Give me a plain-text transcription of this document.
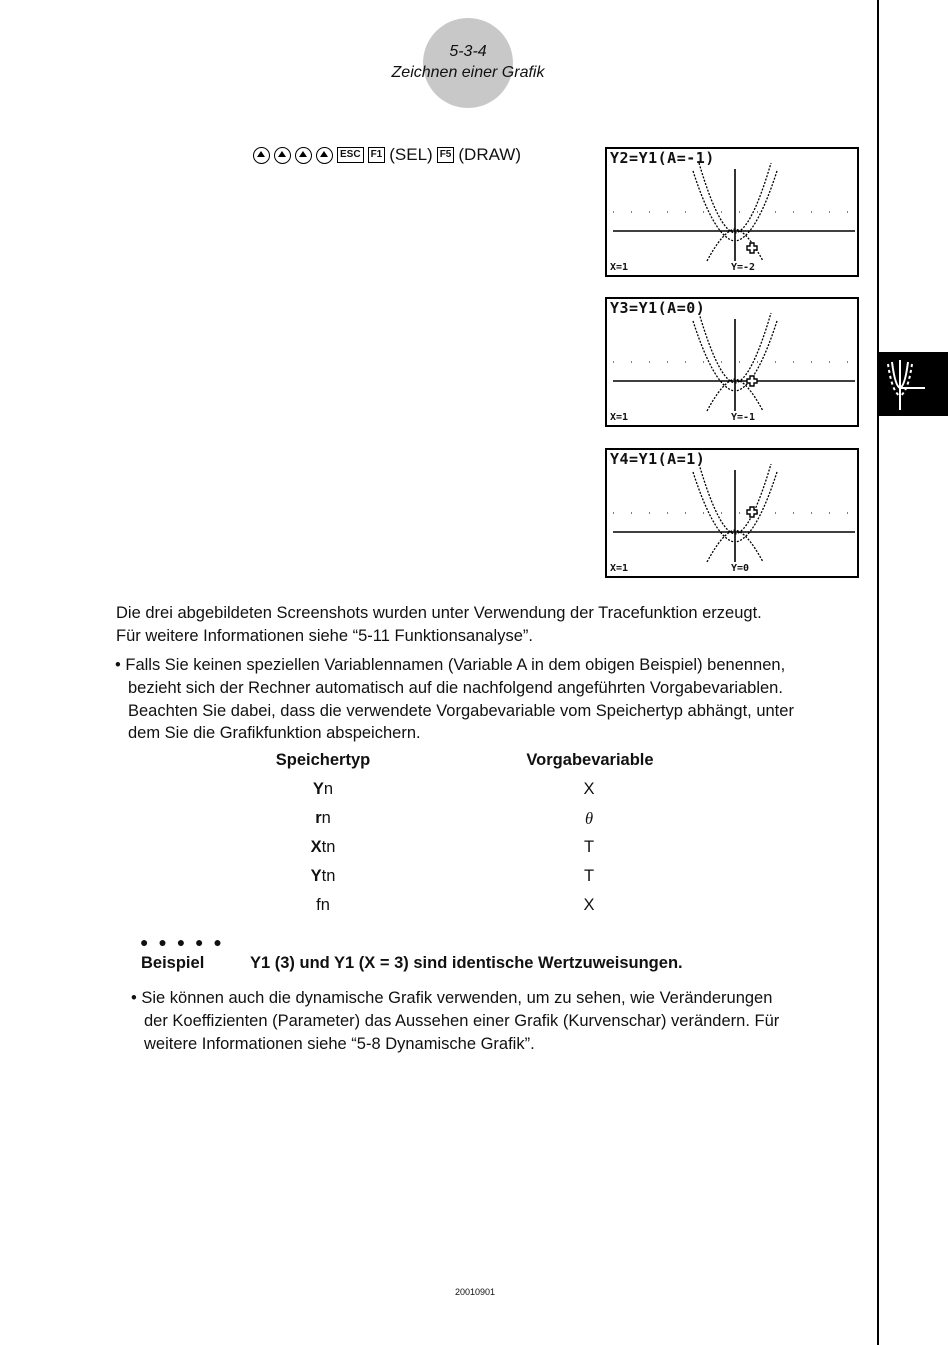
5-3-4
Zeichnen einer Grafik
ESC	F1 (SEL) F5 (DRAW)	Y2=Y1(A=-1)
X=1	Y=-2
Y3=Y1(A=0)
X=1	Y=-1
Y4=Y1(A=1)
X=1	Y=0
Die drei abgebildeten Screenshots wurden unter Verwendung der Tracefunktion erzeugt.
Für weitere Informationen siehe “5-11 Funktionsanalyse”.
• Falls Sie keinen speziellen Variablennamen (Variable A in dem obigen Beispiel) benennen,
bezieht sich der Rechner automatisch auf die nachfolgend angeführten Vorgabevariablen.
Beachten Sie dabei, dass die verwendete Vorgabevariable vom Speichertyp abhängt, unter
dem Sie die Grafikfunktion abspeichern.
Speichertyp	Vorgabevariable
Yn	X
rn	θ
Xtn	T
Ytn	T
fn	X
● ● ● ● ●
Beispiel	Y1 (3) und Y1 (X = 3) sind identische Wertzuweisungen.
• Sie können auch die dynamische Grafik verwenden, um zu sehen, wie Veränderungen
der Koeffizienten (Parameter) das Aussehen einer Grafik (Kurvenschar) verändern. Für
weitere Informationen siehe “5-8 Dynamische Grafik”.
20010901
